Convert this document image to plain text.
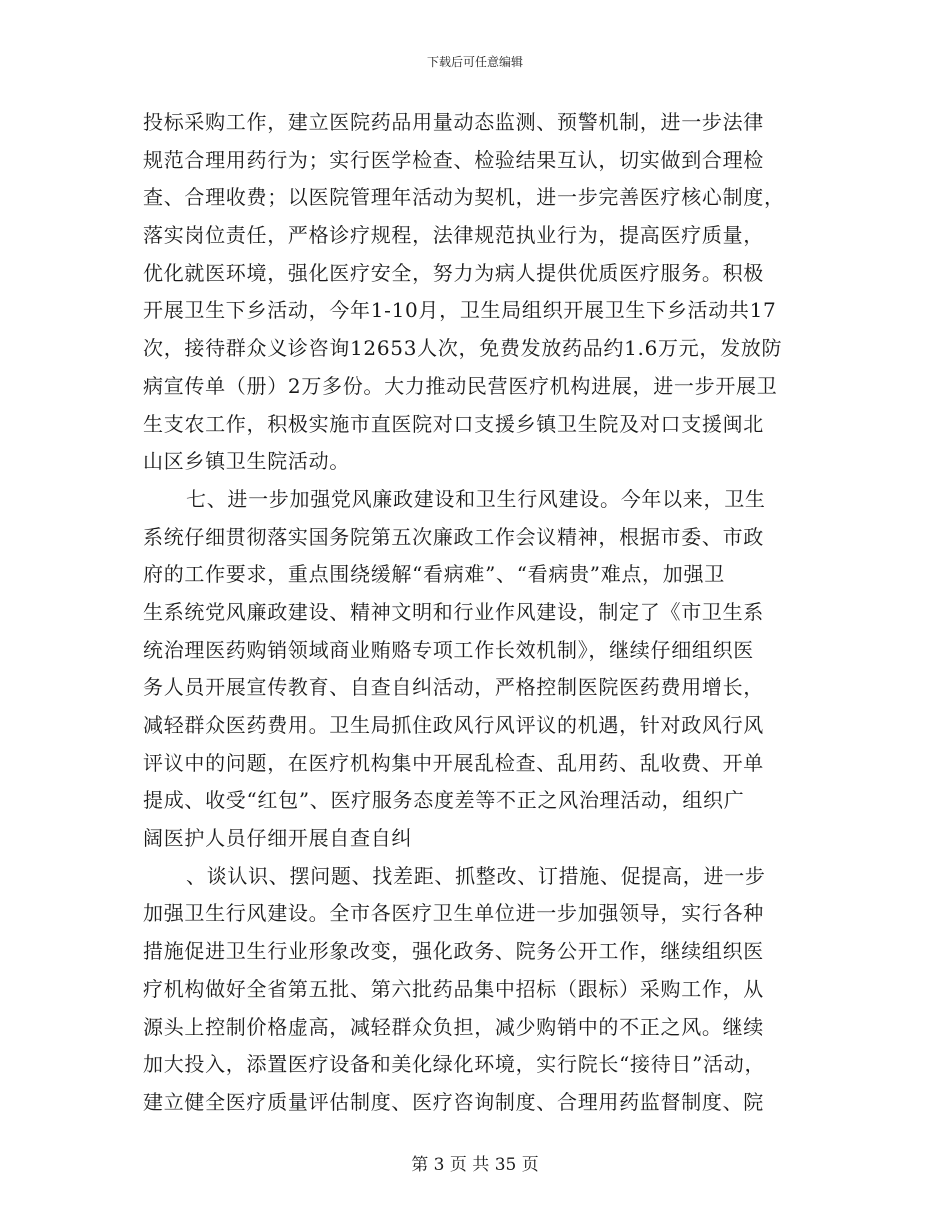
下载后可任意编辑
投标采购工作，建立医院药品用量动态监测、预警机制，进一步法律
规范合理用药行为；实行医学检查、检验结果互认，切实做到合理检
查、合理收费；以医院管理年活动为契机，进一步完善医疗核心制度，
落实岗位责任，严格诊疗规程，法律规范执业行为，提高医疗质量，
优化就医环境，强化医疗安全，努力为病人提供优质医疗服务。积极
开展卫生下乡活动，今年1-10月，卫生局组织开展卫生下乡活动共17
次，接待群众义诊咨询12653人次，免费发放药品约1.6万元，发放防
病宣传单（册）2万多份。大力推动民营医疗机构进展，进一步开展卫
生支农工作，积极实施市直医院对口支援乡镇卫生院及对口支援闽北
山区乡镇卫生院活动。
七、进一步加强党风廉政建设和卫生行风建设。今年以来，卫生
系统仔细贯彻落实国务院第五次廉政工作会议精神，根据市委、市政
府的工作要求，重点围绕缓解“看病难”、“看病贵”难点，加强卫
生系统党风廉政建设、精神文明和行业作风建设，制定了《市卫生系
统治理医药购销领域商业贿赂专项工作长效机制》，继续仔细组织医
务人员开展宣传教育、自查自纠活动，严格控制医院医药费用增长，
减轻群众医药费用。卫生局抓住政风行风评议的机遇，针对政风行风
评议中的问题，在医疗机构集中开展乱检查、乱用药、乱收费、开单
提成、收受“红包”、医疗服务态度差等不正之风治理活动，组织广
阔医护人员仔细开展自查自纠
、谈认识、摆问题、找差距、抓整改、订措施、促提高，进一步
加强卫生行风建设。全市各医疗卫生单位进一步加强领导，实行各种
措施促进卫生行业形象改变，强化政务、院务公开工作，继续组织医
疗机构做好全省第五批、第六批药品集中招标（跟标）采购工作，从
源头上控制价格虚高，减轻群众负担，减少购销中的不正之风。继续
加大投入，添置医疗设备和美化绿化环境，实行院长“接待日”活动，
建立健全医疗质量评估制度、医疗咨询制度、合理用药监督制度、院
第 3 页 共 35 页
